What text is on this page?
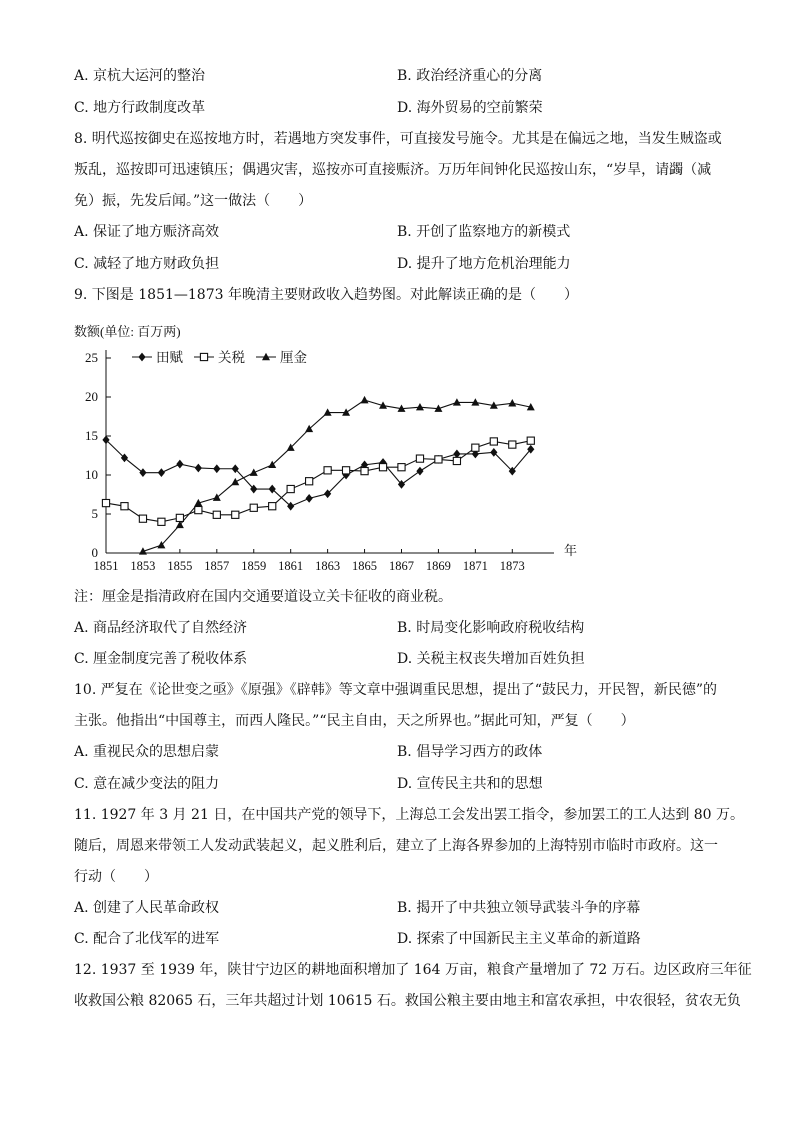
A. 京杭大运河的整治	B. 政治经济重心的分离
C. 地方行政制度改革	D. 海外贸易的空前繁荣
8. 明代巡按御史在巡按地方时，若遇地方突发事件，可直接发号施令。尤其是在偏远之地，当发生贼盗或
叛乱，巡按即可迅速镇压；偶遇灾害，巡按亦可直接赈济。万历年间钟化民巡按山东，“岁旱，请蠲（减
免）振，先发后闻。”这一做法（　　）
A. 保证了地方赈济高效	B. 开创了监察地方的新模式
C. 减轻了地方财政负担	D. 提升了地方危机治理能力
9. 下图是 1851—1873 年晚清主要财政收入趋势图。对此解读正确的是（　　）
0
5
10
15
20
25
1851 1853 1855 1857 1859 1861 1863 1865 1867 1869 1871 1873
数额(单位: 百万两)
年
田赋	关税	厘金
注：厘金是指清政府在国内交通要道设立关卡征收的商业税。
A. 商品经济取代了自然经济	B. 时局变化影响政府税收结构
C. 厘金制度完善了税收体系	D. 关税主权丧失增加百姓负担
10. 严复在《论世变之亟》《原强》《辟韩》等文章中强调重民思想，提出了“鼓民力，开民智，新民德”的
主张。他指出“中国尊主，而西人隆民。”“民主自由，天之所界也。”据此可知，严复（　　）
A. 重视民众的思想启蒙	B. 倡导学习西方的政体
C. 意在减少变法的阻力	D. 宣传民主共和的思想
11. 1927 年 3 月 21 日，在中国共产党的领导下，上海总工会发出罢工指令，参加罢工的工人达到 80 万。
随后，周恩来带领工人发动武装起义，起义胜利后，建立了上海各界参加的上海特别市临时市政府。这一
行动（　　）
A. 创建了人民革命政权	B. 揭开了中共独立领导武装斗争的序幕
C. 配合了北伐军的进军	D. 探索了中国新民主主义革命的新道路
12. 1937 至 1939 年，陕甘宁边区的耕地面积增加了 164 万亩，粮食产量增加了 72 万石。边区政府三年征
收救国公粮 82065 石，三年共超过计划 10615 石。救国公粮主要由地主和富农承担，中农很轻，贫农无负
